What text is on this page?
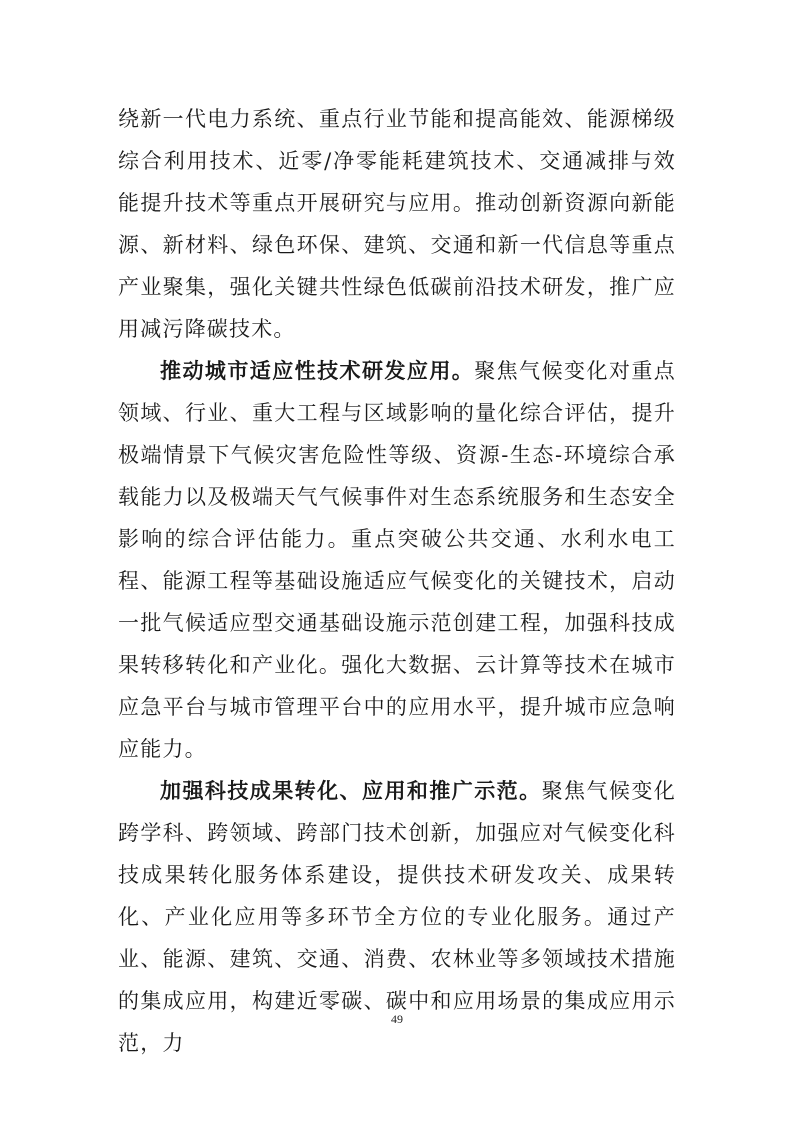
绕新一代电力系统、重点行业节能和提高能效、能源梯级综合利用技术、近零/净零能耗建筑技术、交通减排与效能提升技术等重点开展研究与应用。推动创新资源向新能源、新材料、绿色环保、建筑、交通和新一代信息等重点产业聚集，强化关键共性绿色低碳前沿技术研发，推广应用减污降碳技术。

推动城市适应性技术研发应用。聚焦气候变化对重点领域、行业、重大工程与区域影响的量化综合评估，提升极端情景下气候灾害危险性等级、资源-生态-环境综合承载能力以及极端天气气候事件对生态系统服务和生态安全影响的综合评估能力。重点突破公共交通、水利水电工程、能源工程等基础设施适应气候变化的关键技术，启动一批气候适应型交通基础设施示范创建工程，加强科技成果转移转化和产业化。强化大数据、云计算等技术在城市应急平台与城市管理平台中的应用水平，提升城市应急响应能力。

加强科技成果转化、应用和推广示范。聚焦气候变化跨学科、跨领域、跨部门技术创新，加强应对气候变化科技成果转化服务体系建设，提供技术研发攻关、成果转化、产业化应用等多环节全方位的专业化服务。通过产业、能源、建筑、交通、消费、农林业等多领域技术措施的集成应用，构建近零碳、碳中和应用场景的集成应用示范，力

49
